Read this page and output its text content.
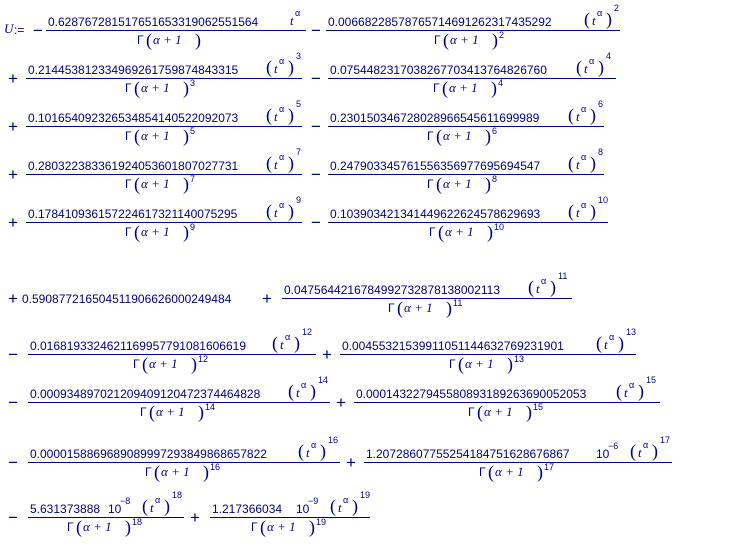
U := − 0.628767281517651653319062551564 t α
Γ ( α + 1 )	− 0.00668228578765714691262317435292 ( t α )
2
Γ ( α + 1 ) 2
+ 0.214453812334969261759874843315 ( t α )
3
Γ ( α + 1 ) 3	− 0.0754482317038267703413764826760 ( t α )
4
Γ ( α + 1 ) 4
+ 0.101654092326534854140522092073 ( t α )
5
Γ ( α + 1 ) 5	− 0.230150346728028966545611699989 ( t α )
6
Γ ( α + 1 ) 6
+ 0.280322383361924053601807027731 ( t α )
7
Γ ( α + 1 ) 7	− 0.247903345761556356977695694547 ( t α )
8
Γ ( α + 1 ) 8
+ 0.178410936157224617321140075295 ( t α )
9
Γ ( α + 1 ) 9	− 0.103903421341449622624578629693 ( t α )
10
Γ ( α + 1 ) 10
+ 0.590877216504511906626000249484 + 0.0475644216784992732878138002113 ( t α )
11
Γ ( α + 1 ) 11
− 0.0168193324621169957791081606619 ( t α )
12
Γ ( α + 1 ) 12	+ 0.00455321539911051144632769231901 ( t α )
13
Γ ( α + 1 ) 13
− 0.000934897021209409120472374464828 ( t α )
14
Γ ( α + 1 ) 14	+ 0.000143227945580893189263690052053 ( t α )
15
Γ ( α + 1 ) 15
− 0.0000158869689089997293849868657822 ( t α )
16
Γ ( α + 1 ) 16	+ 1.20728607755254184751628676867 10
−6 ( t α )
17
Γ ( α + 1 ) 17
− 5.631373888 10
−8 ( t α )
18
Γ ( α + 1 ) 18	+ 1.217366034 10
−9 ( t α )
19
Γ ( α + 1 ) 19
